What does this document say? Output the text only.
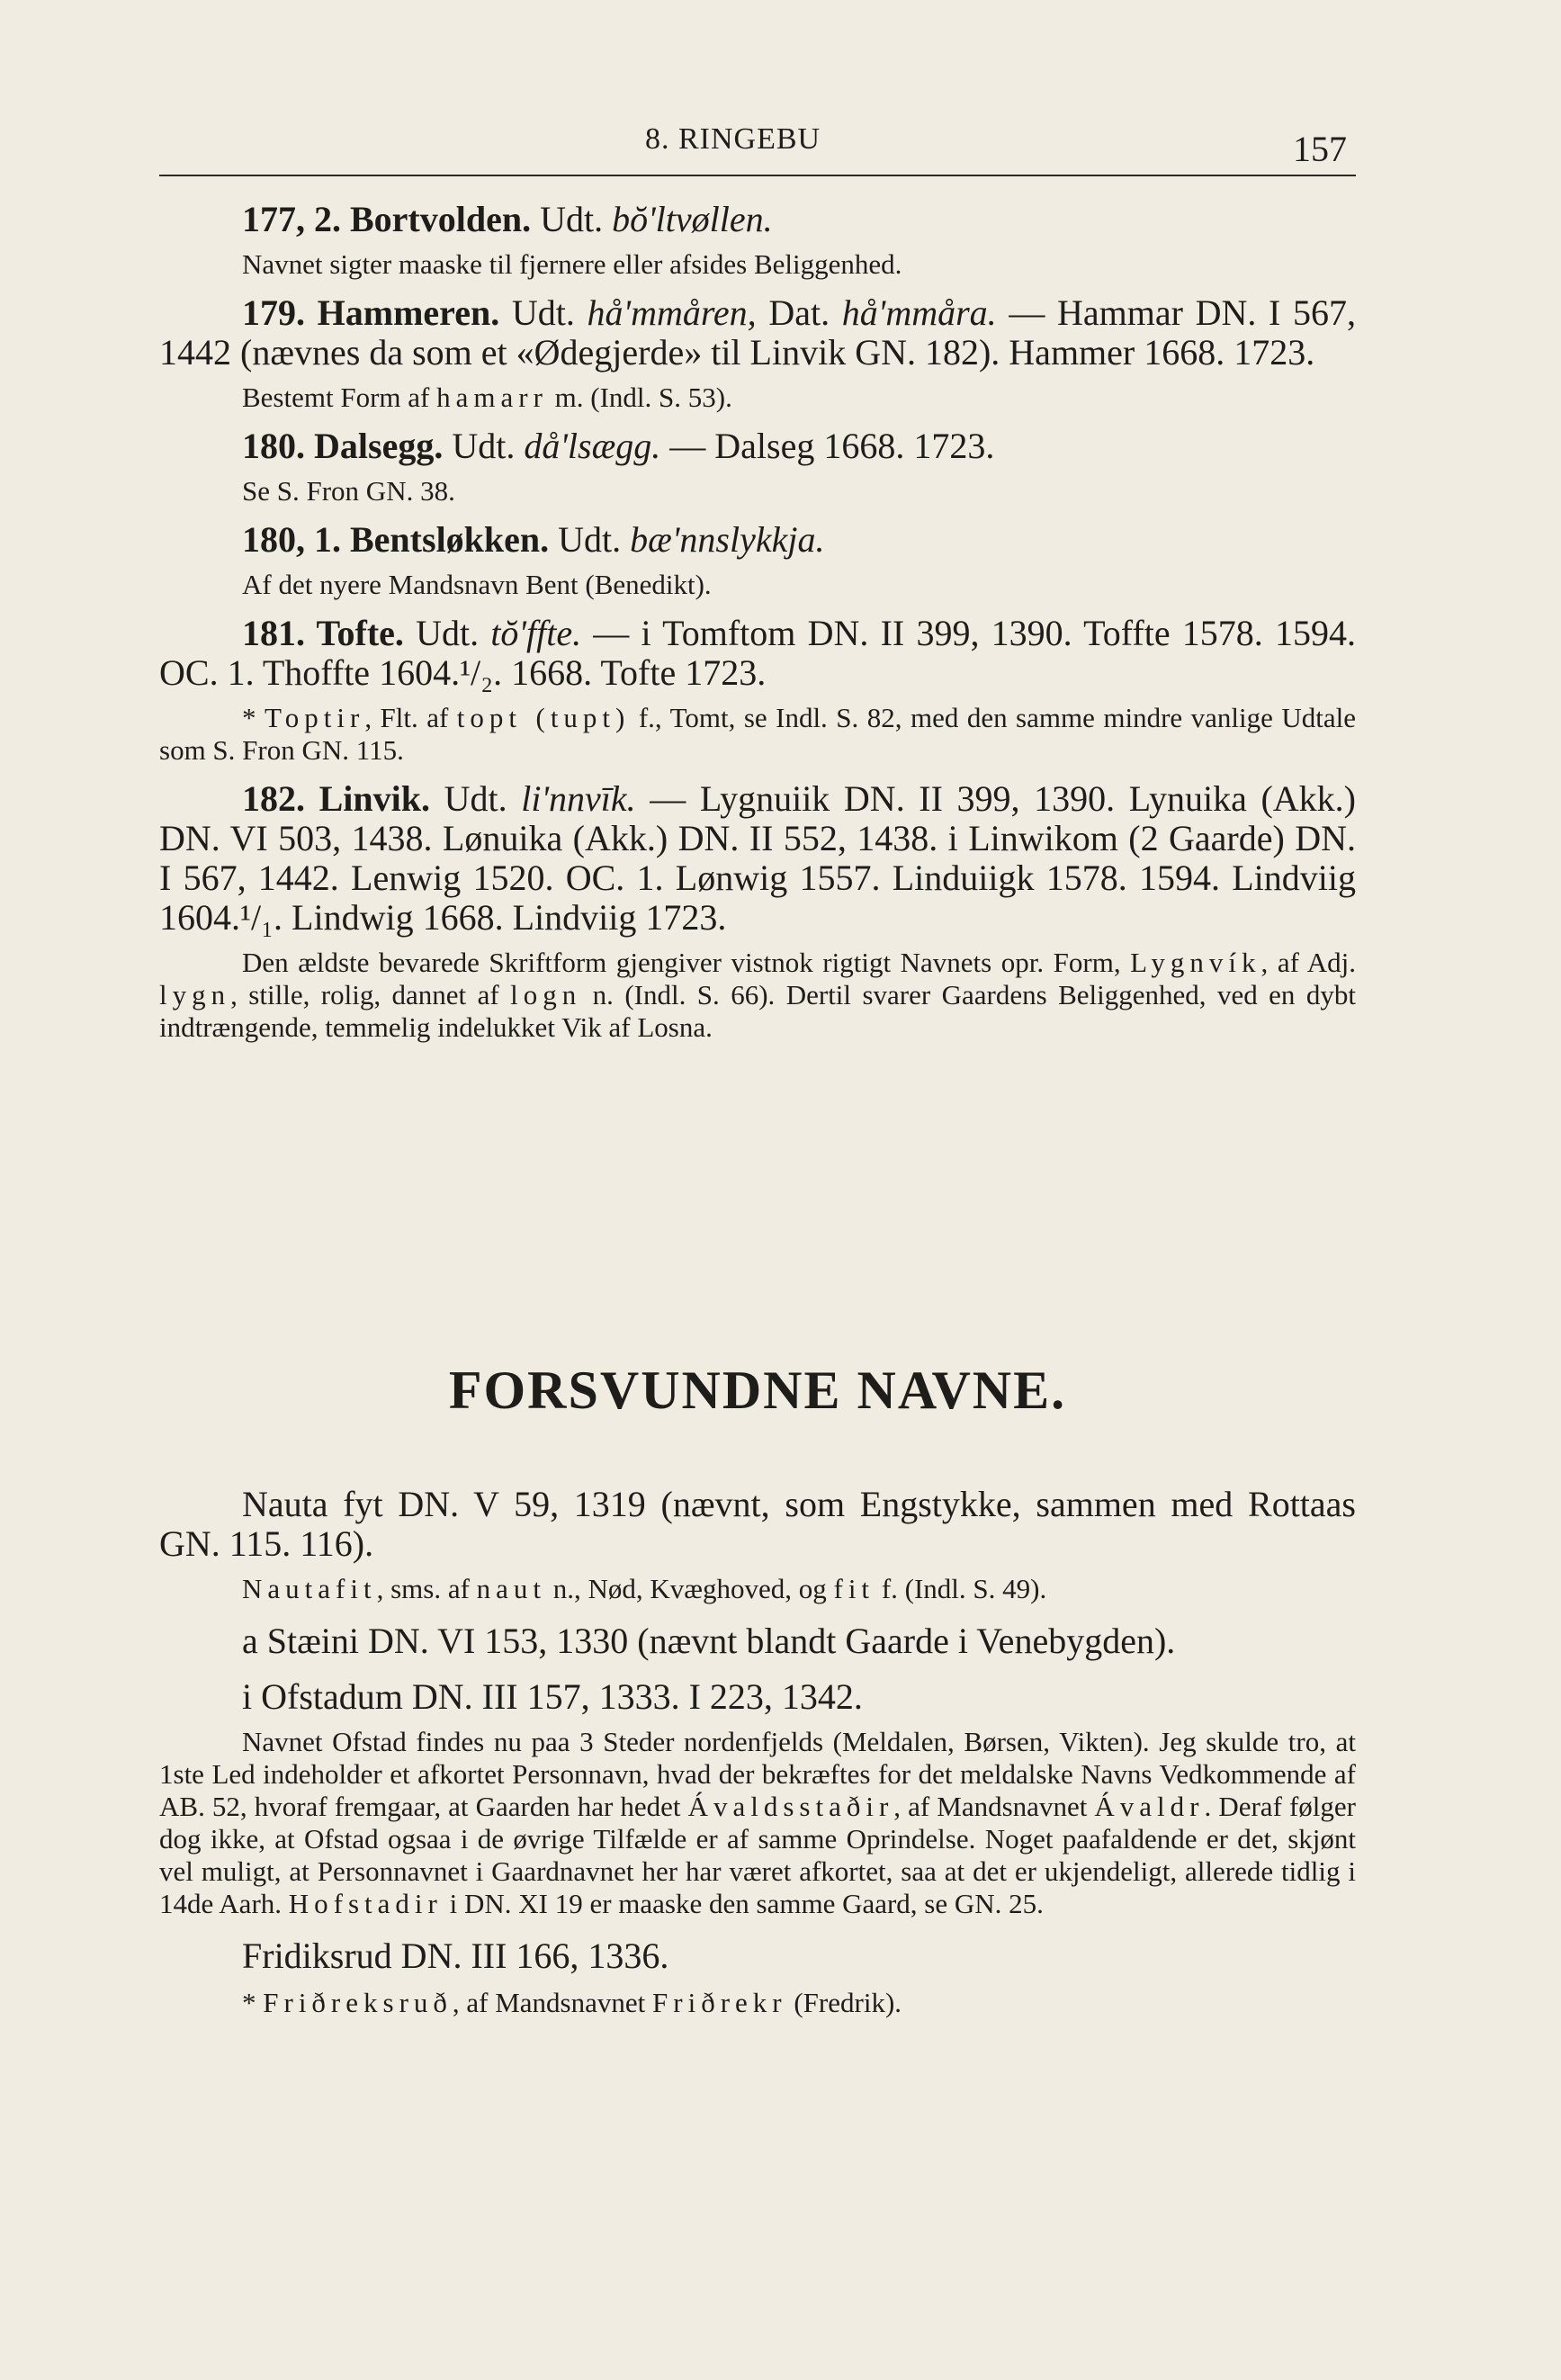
8. RINGEBU	157

177, 2. Bortvolden. Udt. bŏ'ltvøllen.

Navnet sigter maaske til fjernere eller afsides Beliggenhed.

179. Hammeren. Udt. hå'mmåren, Dat. hå'mmåra. — Hammar DN. I 567, 1442 (nævnes da som et «Ødegjerde» til Linvik GN. 182). Hammer 1668. 1723.

Bestemt Form af hamarr m. (Indl. S. 53).

180. Dalsegg. Udt. då'lsægg. — Dalseg 1668. 1723.

Se S. Fron GN. 38.

180, 1. Bentsløkken. Udt. bæ'nnslykkja.

Af det nyere Mandsnavn Bent (Benedikt).

181. Tofte. Udt. tŏ'ffte. — i Tomftom DN. II 399, 1390. Toffte 1578. 1594. OC. 1. Thoffte 1604.¹/₂. 1668. Tofte 1723.

* Toptir, Flt. af topt (tupt) f., Tomt, se Indl. S. 82, med den samme mindre vanlige Udtale som S. Fron GN. 115.

182. Linvik. Udt. li'nnvīk. — Lygnuiik DN. II 399, 1390. Lynuika (Akk.) DN. VI 503, 1438. Lønuika (Akk.) DN. II 552, 1438. i Linwikom (2 Gaarde) DN. I 567, 1442. Lenwig 1520. OC. 1. Lønwig 1557. Linduiigk 1578. 1594. Lindviig 1604.¹/₁. Lindwig 1668. Lindviig 1723.

Den ældste bevarede Skriftform gjengiver vistnok rigtigt Navnets opr. Form, Lygnvík, af Adj. lygn, stille, rolig, dannet af logn n. (Indl. S. 66). Dertil svarer Gaardens Beliggenhed, ved en dybt indtrængende, temmelig indelukket Vik af Losna.

FORSVUNDNE NAVNE.

Nauta fyt DN. V 59, 1319 (nævnt, som Engstykke, sammen med Rottaas GN. 115. 116).

Nautafit, sms. af naut n., Nød, Kvæghoved, og fit f. (Indl. S. 49).

a Stæini DN. VI 153, 1330 (nævnt blandt Gaarde i Venebygden).

i Ofstadum DN. III 157, 1333. I 223, 1342.

Navnet Ofstad findes nu paa 3 Steder nordenfjelds (Meldalen, Børsen, Vikten). Jeg skulde tro, at 1ste Led indeholder et afkortet Personnavn, hvad der bekræftes for det meldalske Navns Vedkommende af AB. 52, hvoraf fremgaar, at Gaarden har hedet Ávaldsstaðir, af Mandsnavnet Ávaldr. Deraf følger dog ikke, at Ofstad ogsaa i de øvrige Tilfælde er af samme Oprindelse. Noget paafaldende er det, skjønt vel muligt, at Personnavnet i Gaardnavnet her har været afkortet, saa at det er ukjendeligt, allerede tidlig i 14de Aarh. Hofstadir i DN. XI 19 er maaske den samme Gaard, se GN. 25.

Fridiksrud DN. III 166, 1336.

* Friðreksruð, af Mandsnavnet Friðrekr (Fredrik).
